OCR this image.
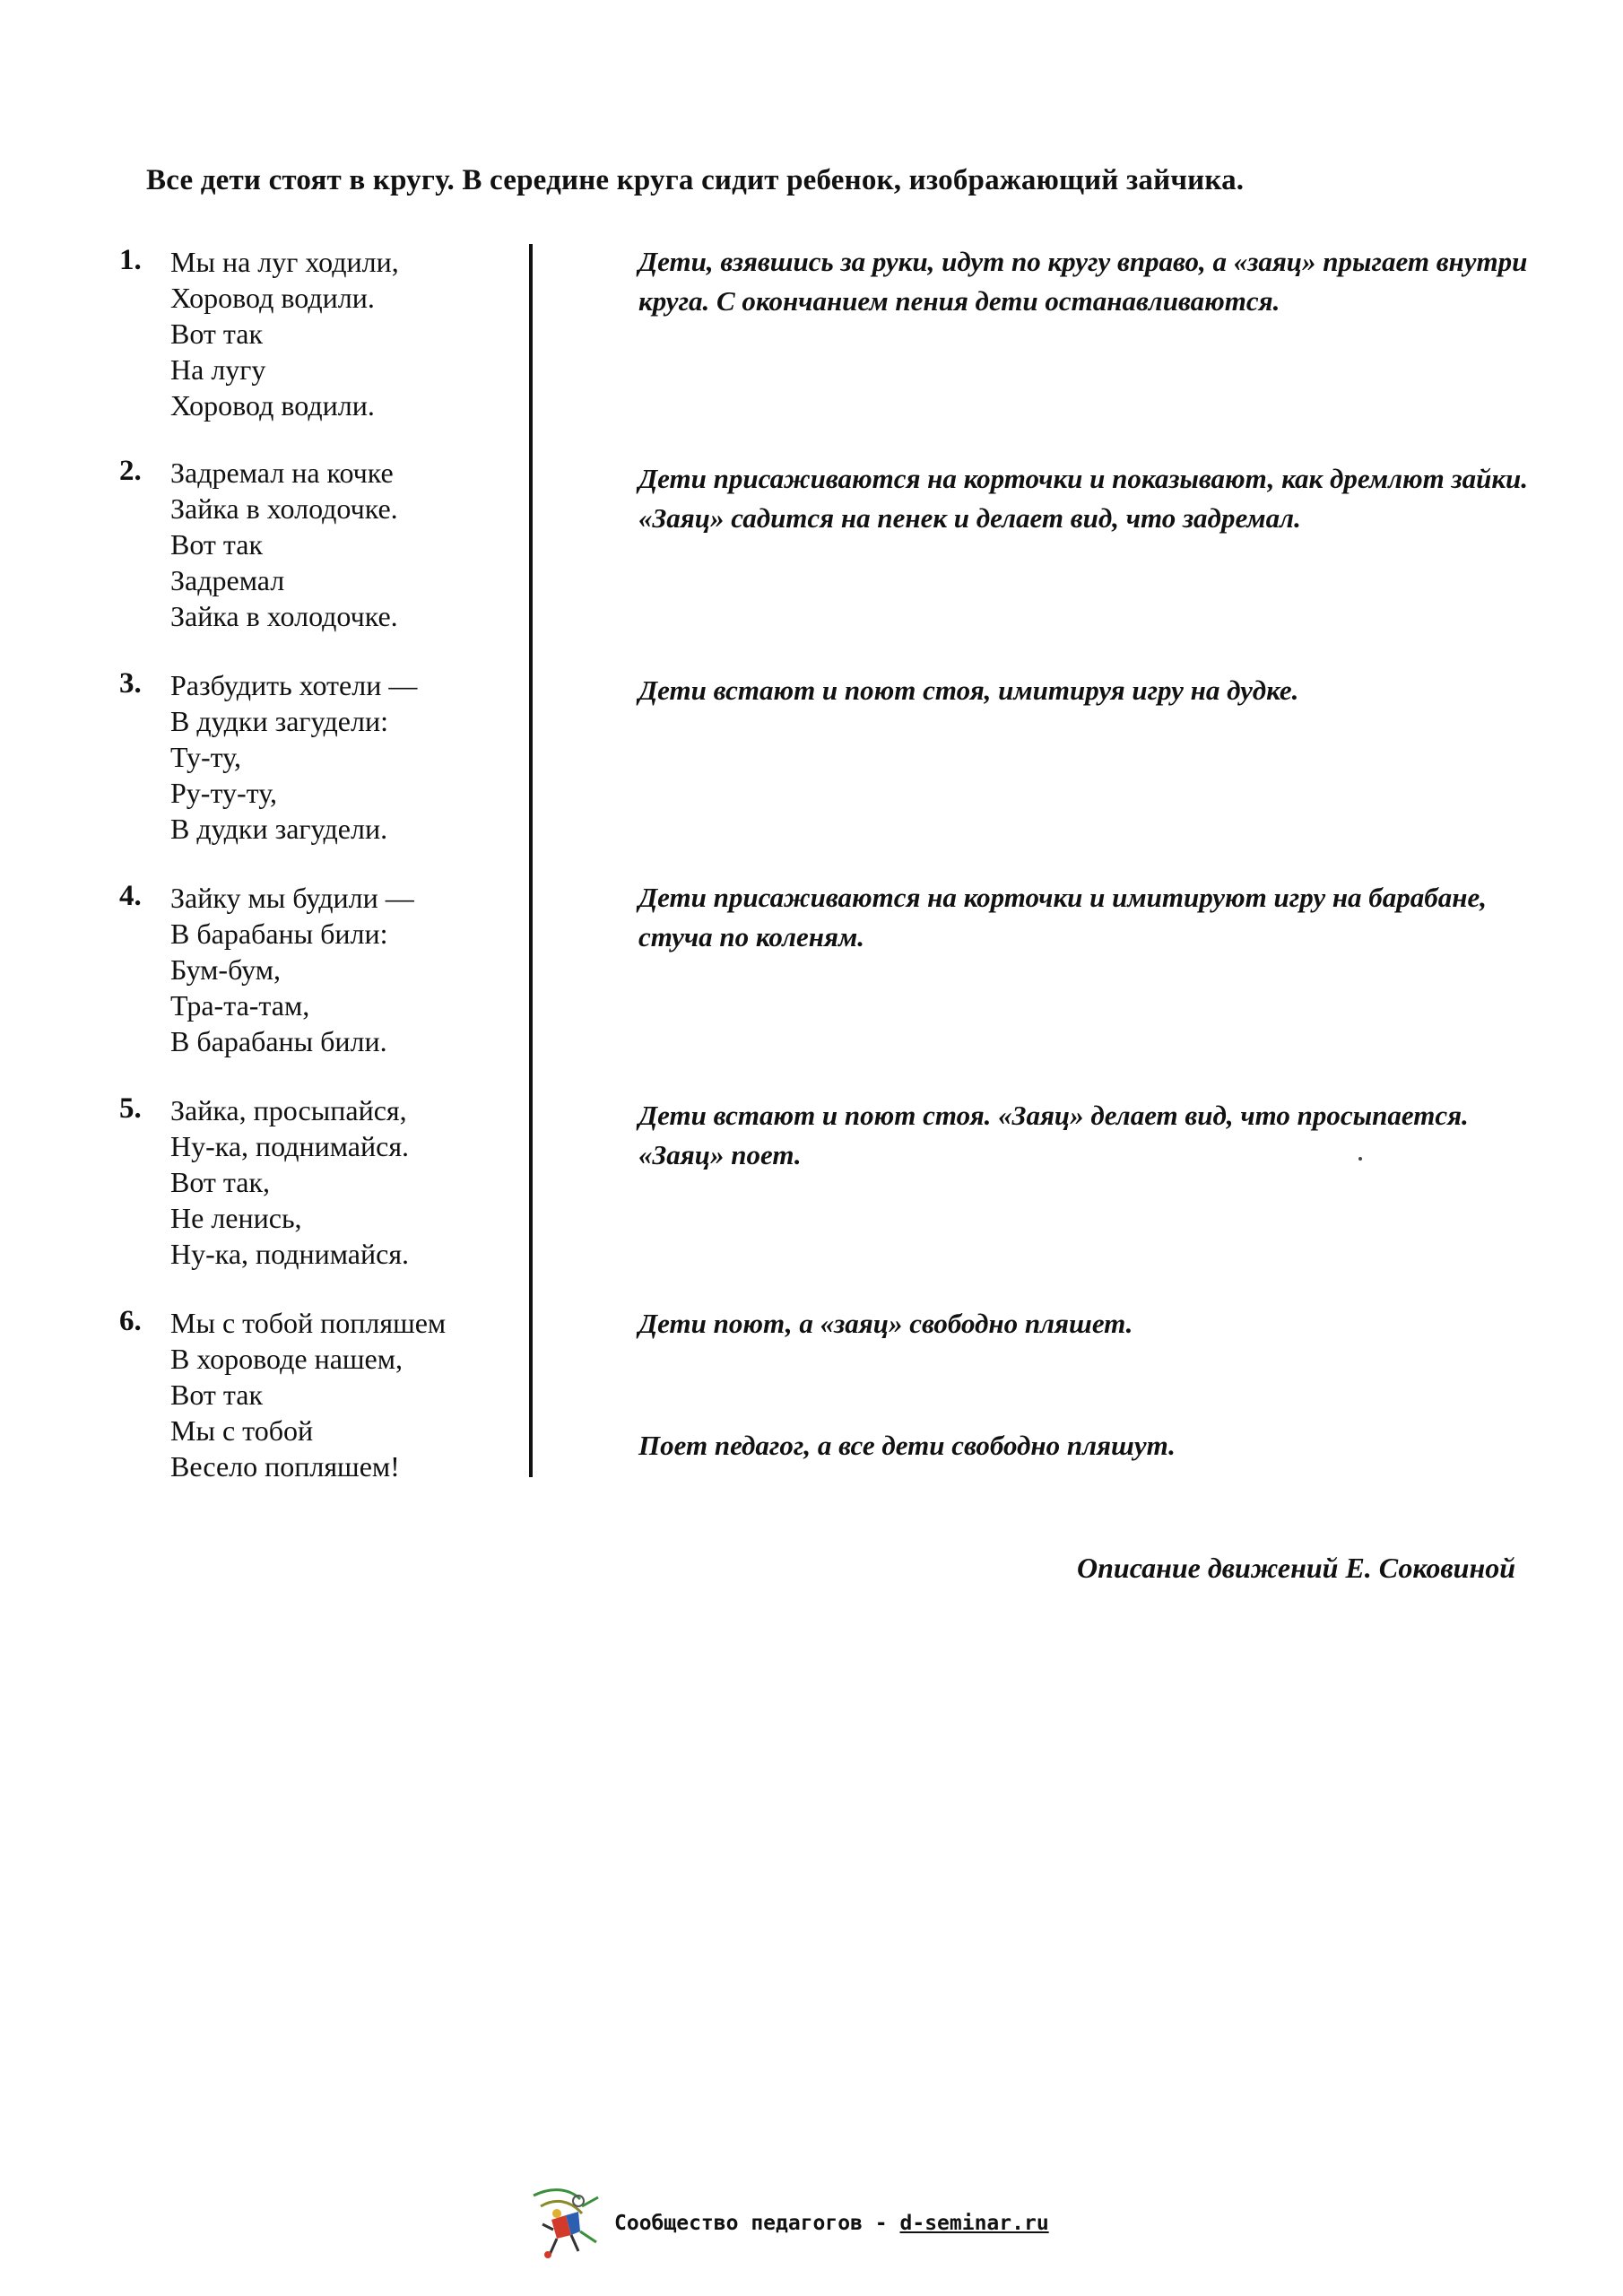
Все дети стоят в кругу. В середине круга сидит ребенок, изображающий зайчика.
1.	Мы на луг ходили,
Хоровод водили.
Вот так
На лугу
Хоровод водили.
Дети, взявшись за руки, идут по кругу вправо, а «заяц» прыгает внутри круга. С окончанием пения дети останавливаются.
2.	Задремал на кочке
Зайка в холодочке.
Вот так
Задремал
Зайка в холодочке.
Дети присаживаются на корточки и показывают, как дремлют зайки. «Заяц» садится на пенек и делает вид, что задремал.
3.	Разбудить хотели —
В дудки загудели:
Ту-ту,
Ру-ту-ту,
В дудки загудели.
Дети встают и поют стоя, имитируя игру на дудке.
4.	Зайку мы будили —
В барабаны били:
Бум-бум,
Тра-та-там,
В барабаны били.
Дети присаживаются на корточки и имитируют игру на барабане, стуча по коленям.
5.	Зайка, просыпайся,
Ну-ка, поднимайся.
Вот так,
Не ленись,
Ну-ка, поднимайся.
Дети встают и поют стоя. «Заяц» делает вид, что просыпается. «Заяц» поет.
6.	Мы с тобой попляшем
В хороводе нашем,
Вот так
Мы с тобой
Весело попляшем!
Дети поют, а «заяц» свободно пляшет.
Поет педагог, а все дети свободно пляшут.
Описание движений Е. Соковиной
Сообщество педагогов - d-seminar.ru
